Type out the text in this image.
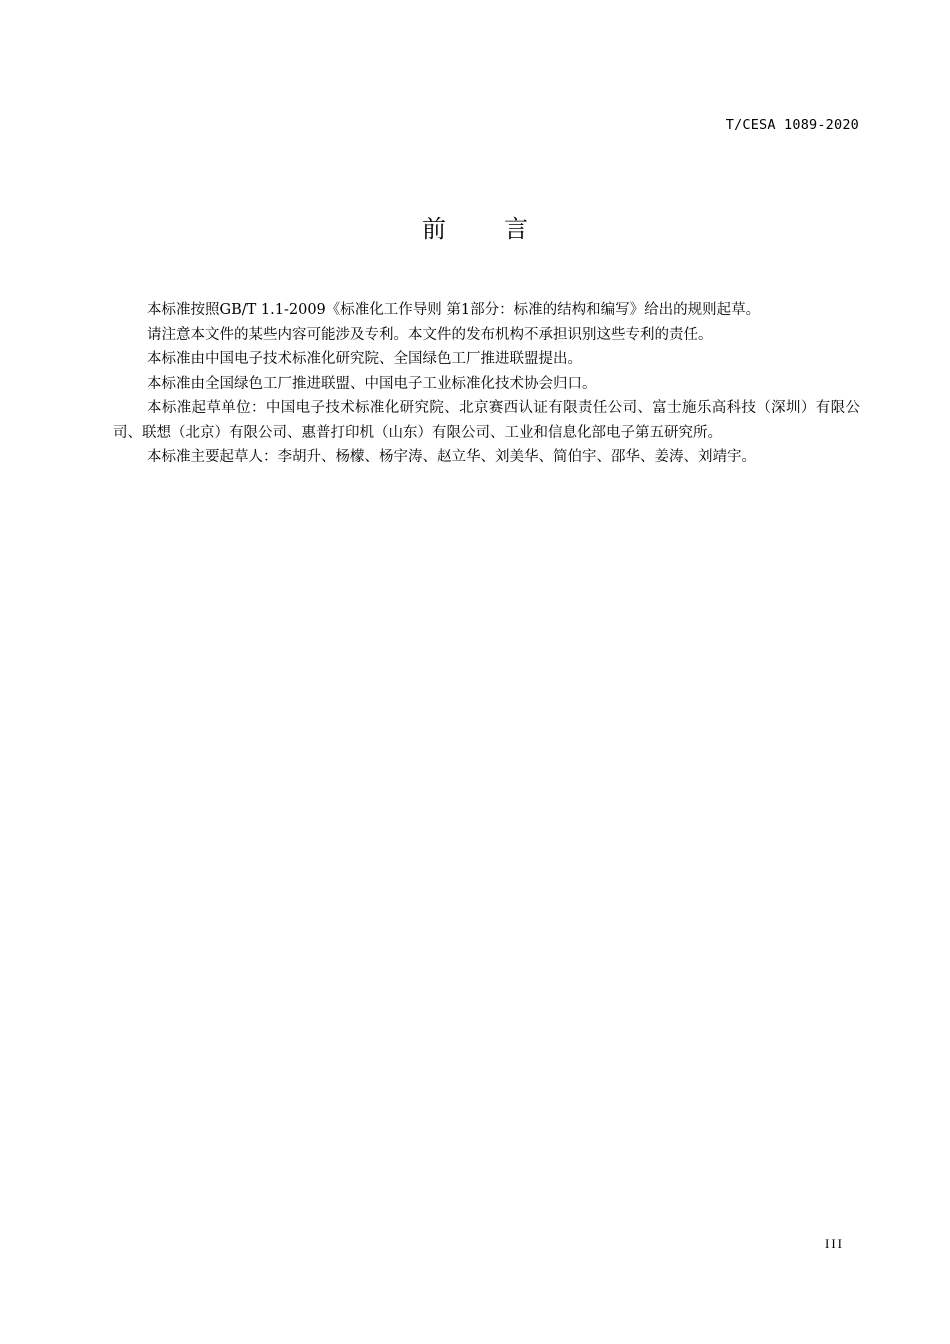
T/CESA 1089-2020
前 言

本标准按照GB/T 1.1-2009《标准化工作导则 第1部分：标准的结构和编写》给出的规则起草。

请注意本文件的某些内容可能涉及专利。本文件的发布机构不承担识别这些专利的责任。

本标准由中国电子技术标准化研究院、全国绿色工厂推进联盟提出。

本标准由全国绿色工厂推进联盟、中国电子工业标准化技术协会归口。

本标准起草单位：中国电子技术标准化研究院、北京赛西认证有限责任公司、富士施乐高科技（深圳）有限公司、联想（北京）有限公司、惠普打印机（山东）有限公司、工业和信息化部电子第五研究所。

本标准主要起草人：李胡升、杨檬、杨宇涛、赵立华、刘美华、简伯宇、邵华、姜涛、刘靖宇。

III
